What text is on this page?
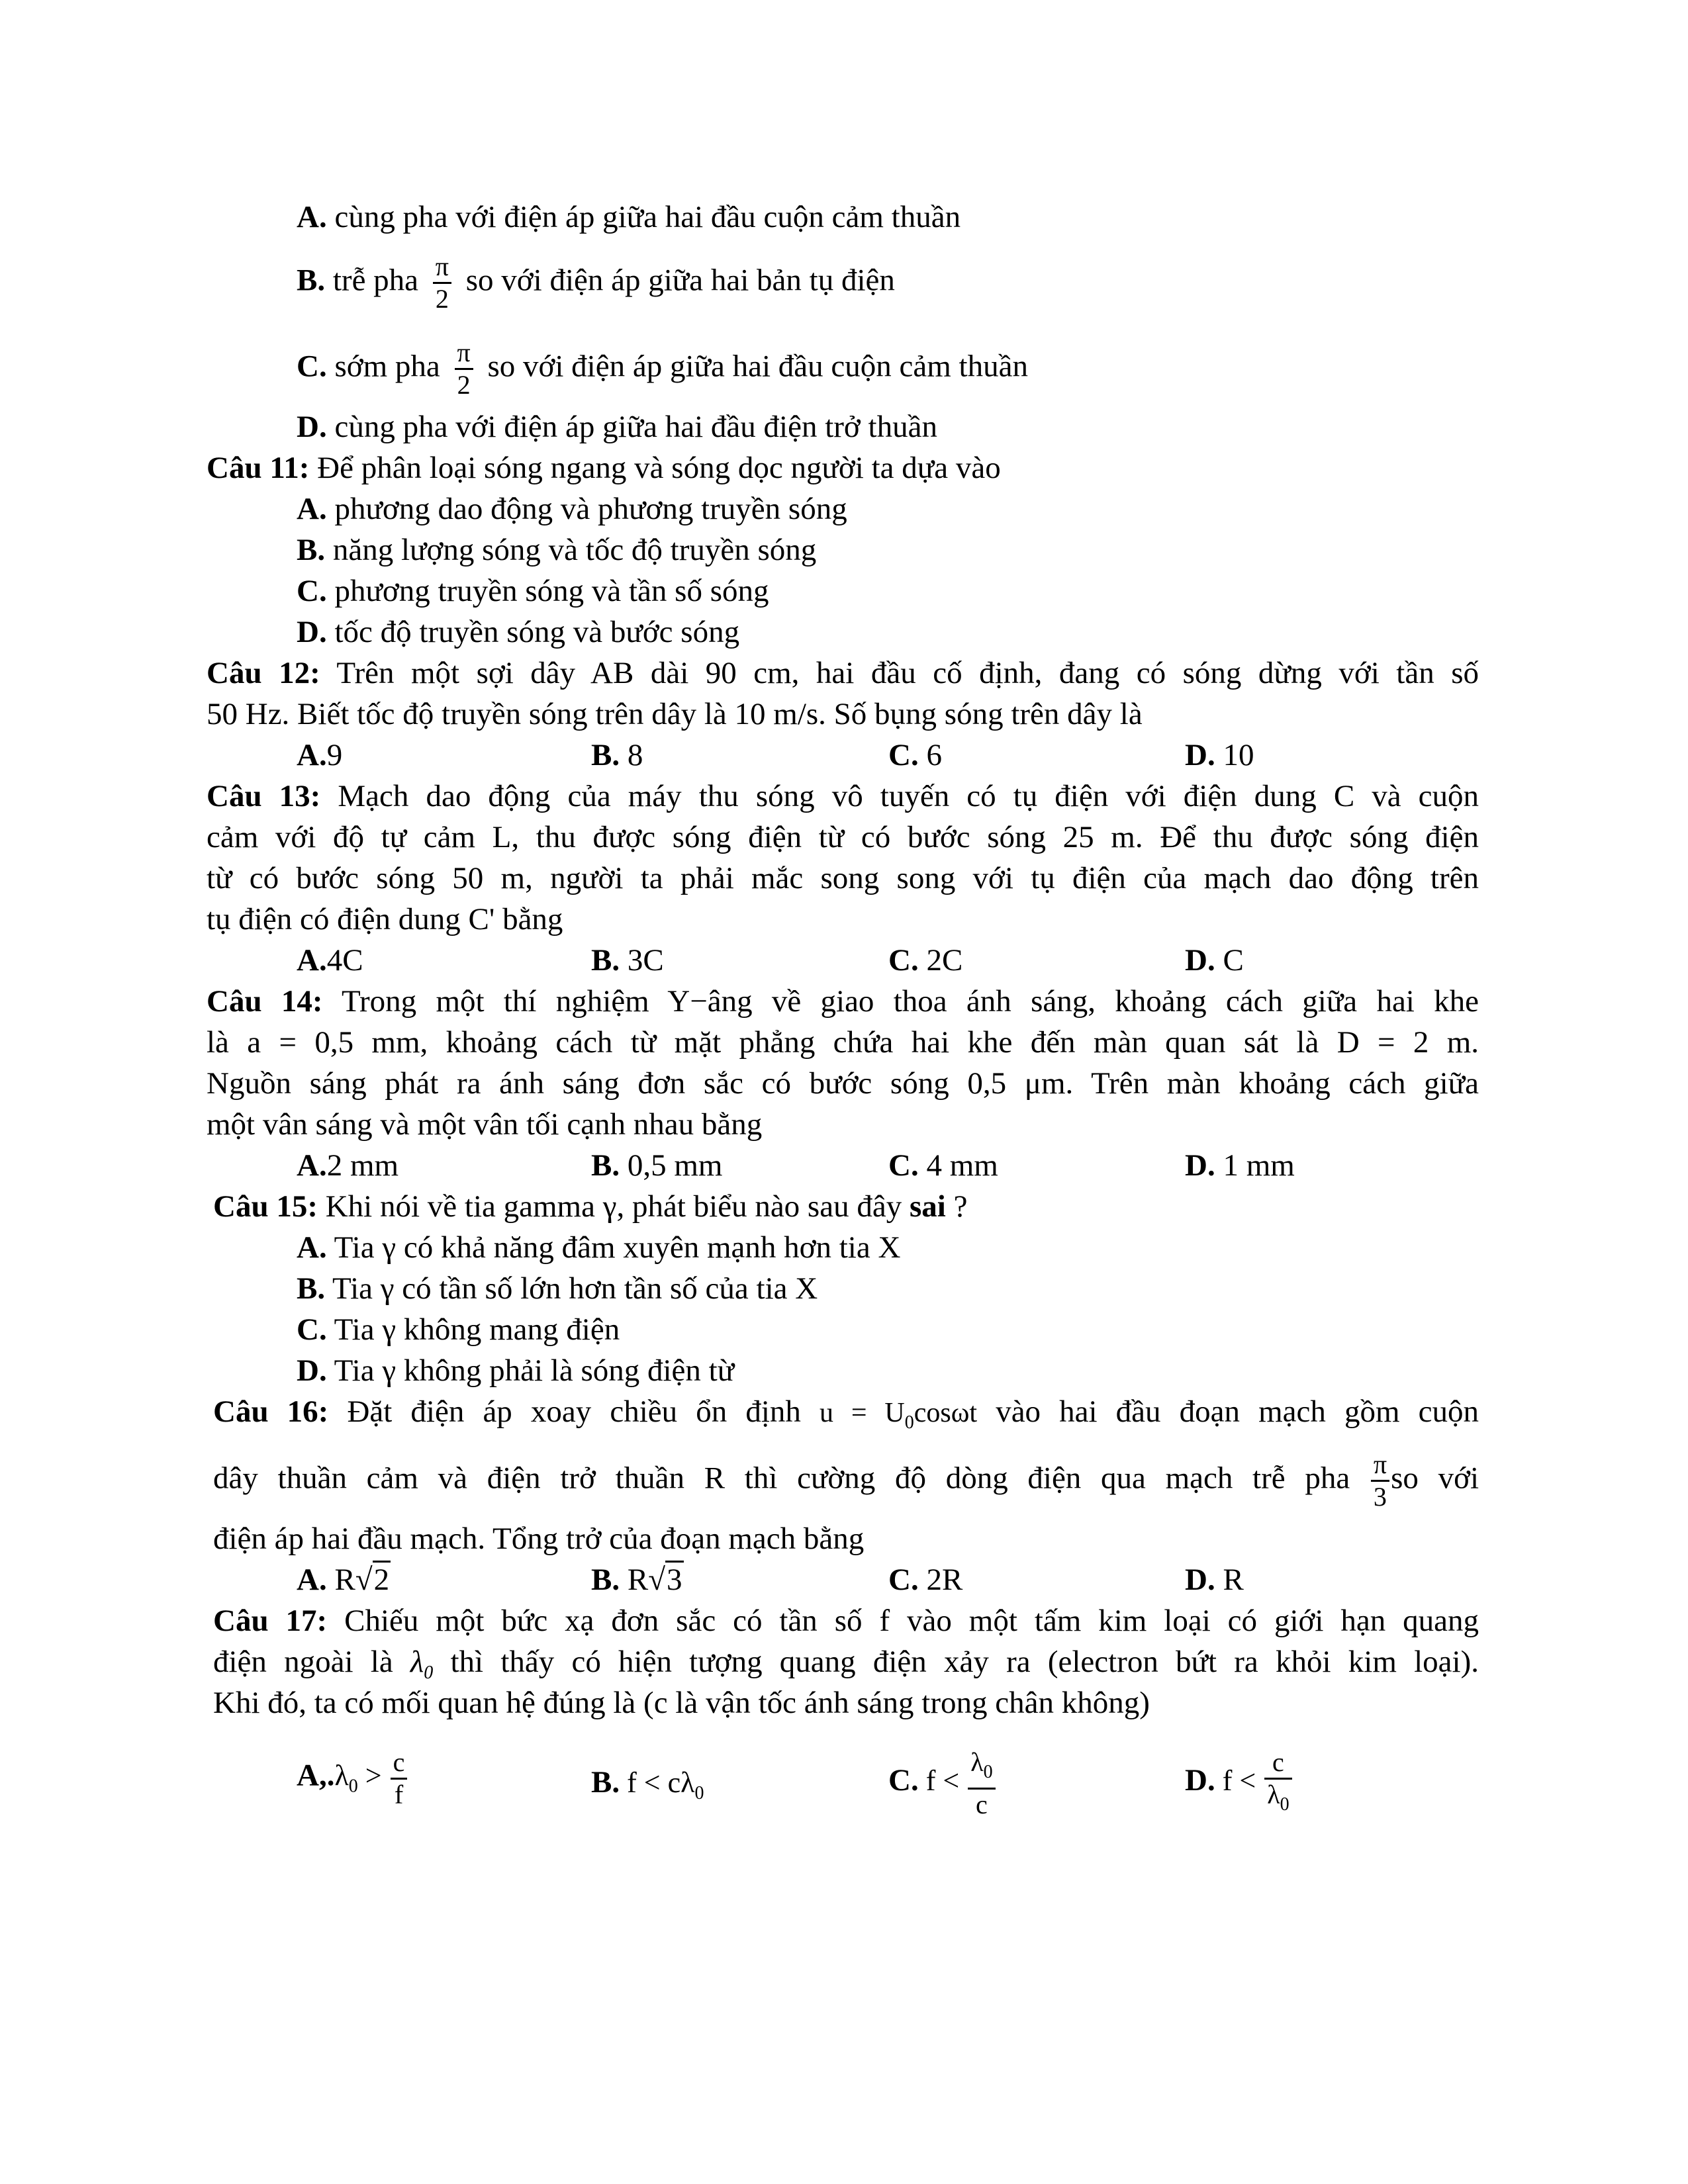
A. cùng pha với điện áp giữa hai đầu cuộn cảm thuần
B. trễ pha $\frac{\pi}{2}$ so với điện áp giữa hai bản tụ điện
C. sớm pha $\frac{\pi}{2}$ so với điện áp giữa hai đầu cuộn cảm thuần
D. cùng pha với điện áp giữa hai đầu điện trở thuần
Câu 11: Để phân loại sóng ngang và sóng dọc người ta dựa vào
A. phương dao động và phương truyền sóng
B. năng lượng sóng và tốc độ truyền sóng
C. phương truyền sóng và tần số sóng
D. tốc độ truyền sóng và bước sóng
Câu 12: Trên một sợi dây AB dài 90 cm, hai đầu cố định, đang có sóng dừng với tần số
50 Hz. Biết tốc độ truyền sóng trên dây là 10 m/s. Số bụng sóng trên dây là
A.9	B. 8	C. 6	D. 10
Câu 13: Mạch dao động của máy thu sóng vô tuyến có tụ điện với điện dung C và cuộn
cảm với độ tự cảm L, thu được sóng điện từ có bước sóng 25 m. Để thu được sóng điện
từ có bước sóng 50 m, người ta phải mắc song song với tụ điện của mạch dao động trên
tụ điện có điện dung C' bằng
A.4C	B. 3C	C. 2C	D. C
Câu 14: Trong một thí nghiệm Y−âng về giao thoa ánh sáng, khoảng cách giữa hai khe
là a = 0,5 mm, khoảng cách từ mặt phẳng chứa hai khe đến màn quan sát là D = 2 m.
Nguồn sáng phát ra ánh sáng đơn sắc có bước sóng 0,5 μm. Trên màn khoảng cách giữa
một vân sáng và một vân tối cạnh nhau bằng
A.2 mm	B. 0,5 mm	C. 4 mm	D. 1 mm
Câu 15: Khi nói về tia gamma γ, phát biểu nào sau đây sai ?
A. Tia γ có khả năng đâm xuyên mạnh hơn tia X
B. Tia γ có tần số lớn hơn tần số của tia X
C. Tia γ không mang điện
D. Tia γ không phải là sóng điện từ
Câu 16: Đặt điện áp xoay chiều ổn định $u = U_0\cos\omega t$ vào hai đầu đoạn mạch gồm cuộn
dây thuần cảm và điện trở thuần R thì cường độ dòng điện qua mạch trễ pha $\frac{\pi}{3}$ so với
điện áp hai đầu mạch. Tổng trở của đoạn mạch bằng
A. R√2	B. R√3	C. 2R	D. R
Câu 17: Chiếu một bức xạ đơn sắc có tần số f vào một tấm kim loại có giới hạn quang
điện ngoài là $\lambda_0$ thì thấy có hiện tượng quang điện xảy ra (electron bứt ra khỏi kim loại).
Khi đó, ta có mối quan hệ đúng là (c là vận tốc ánh sáng trong chân không)
$A,.\lambda_0 > \frac{c}{f}$	B. $f < c\lambda_0$	C. $f < \frac{\lambda_0}{c}$	D. $f < \frac{c}{\lambda_0}$
